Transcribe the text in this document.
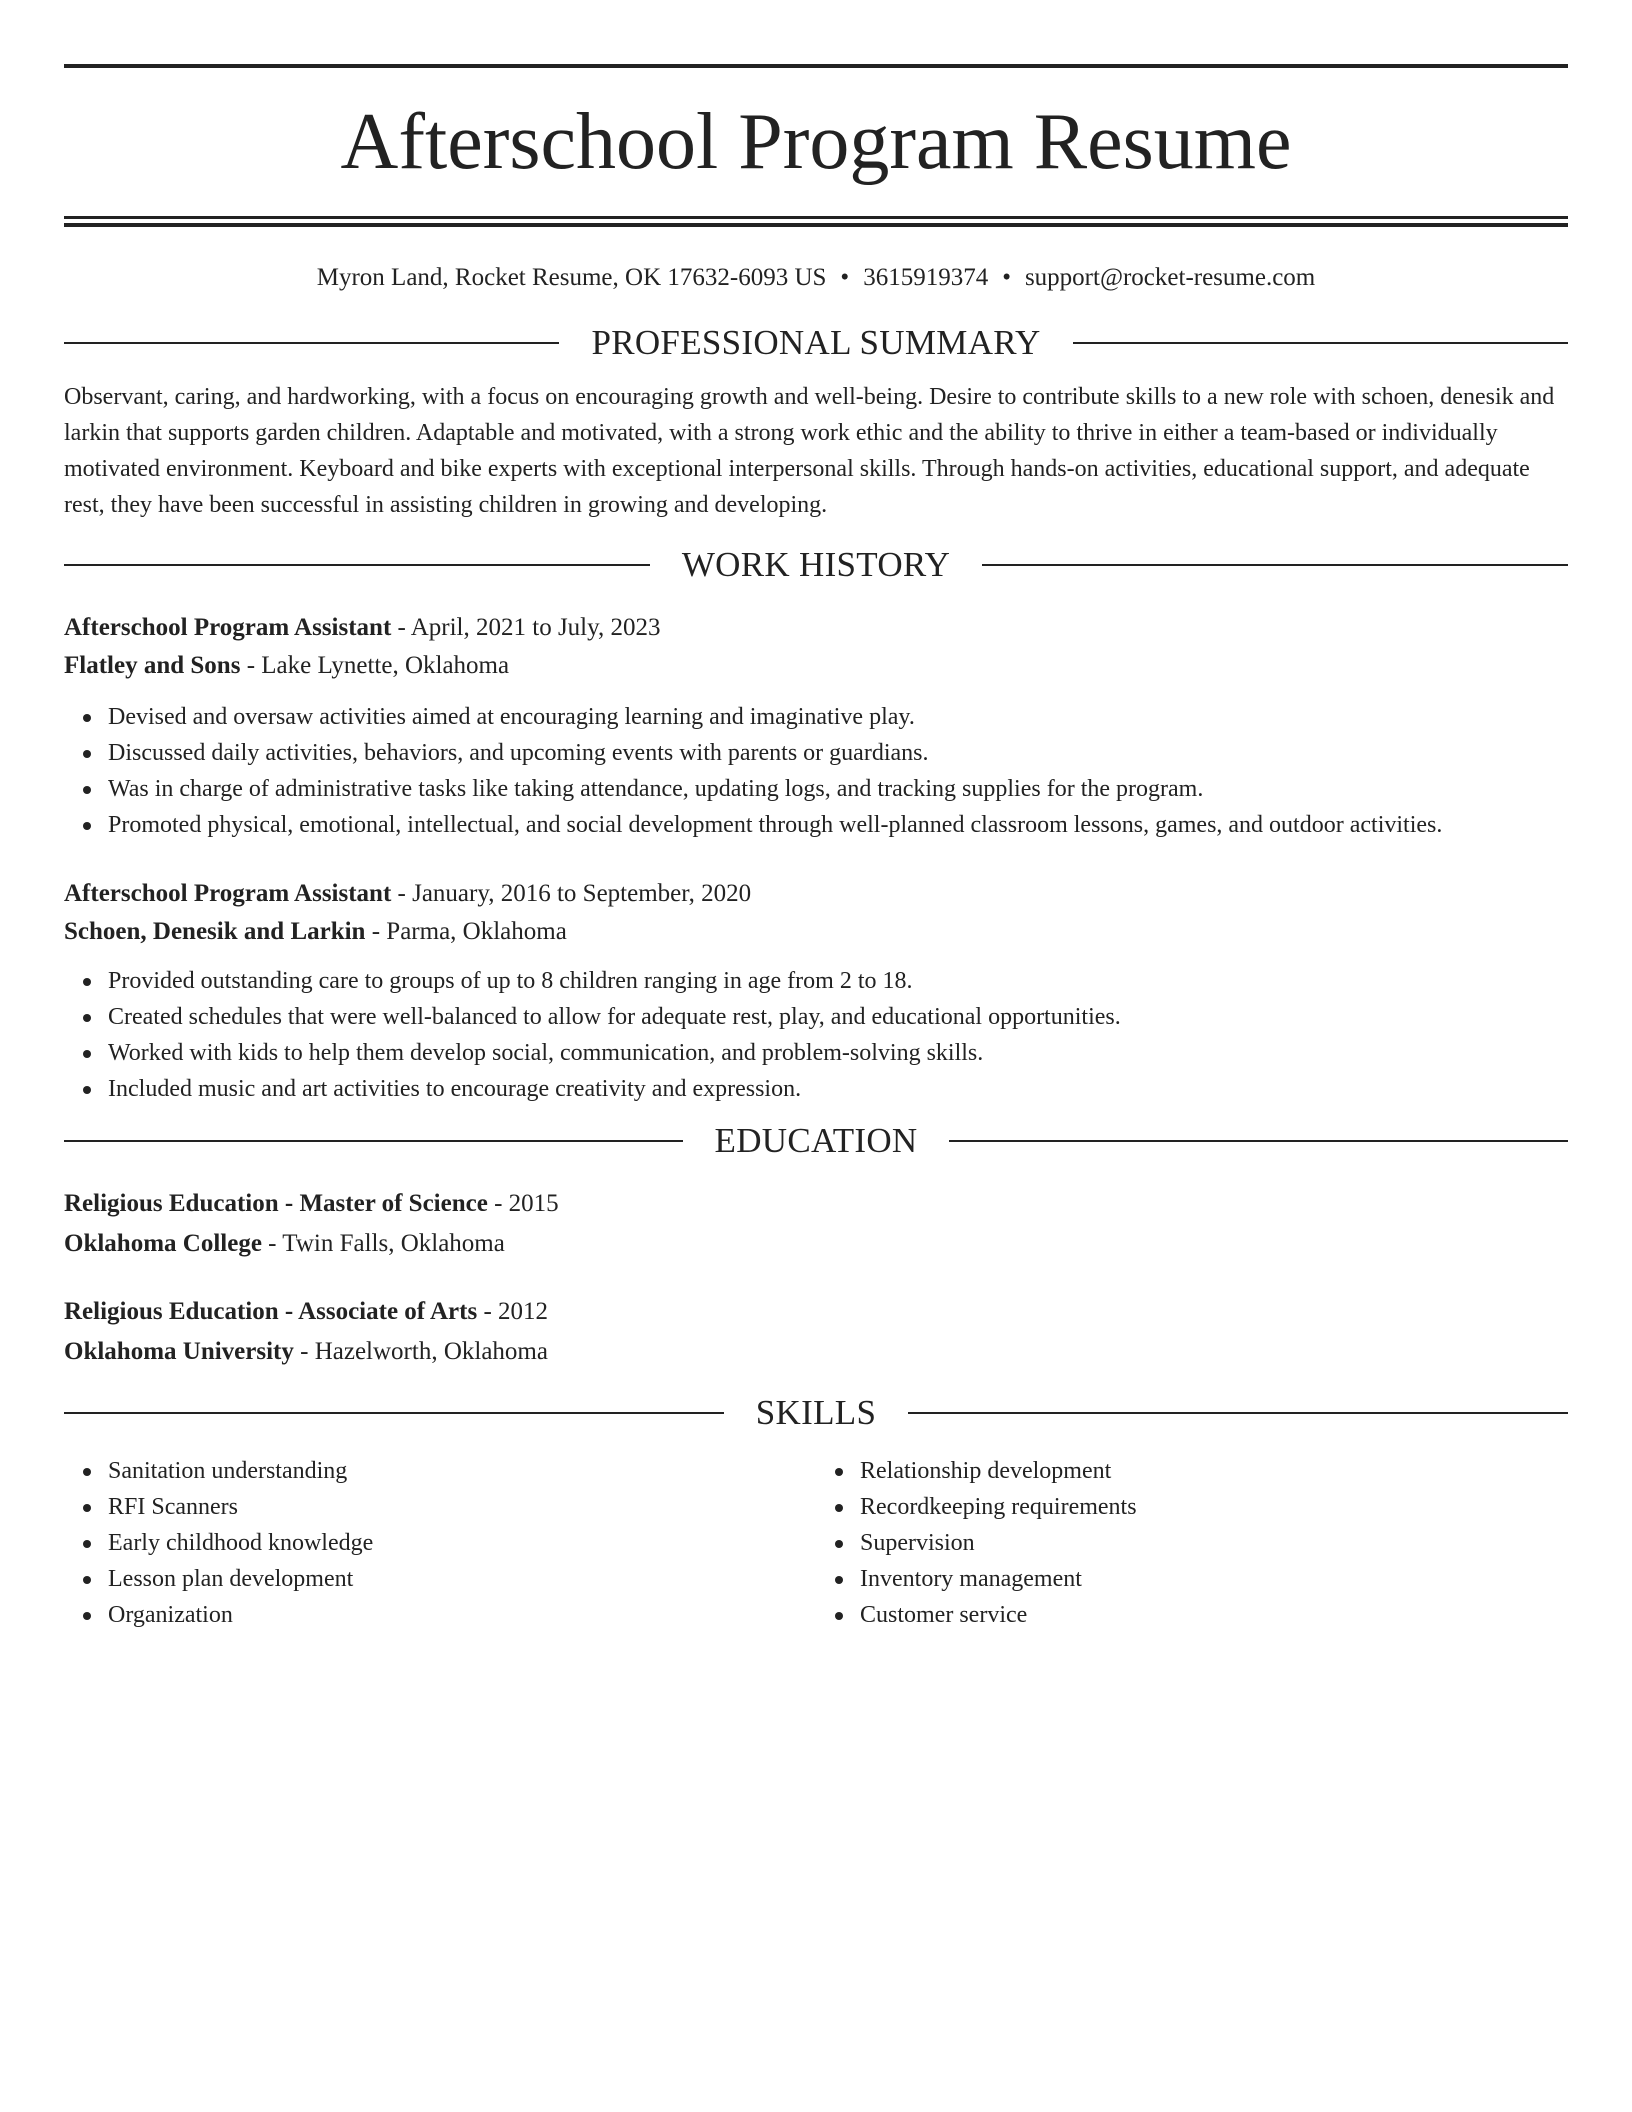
Afterschool Program Resume
Myron Land, Rocket Resume, OK 17632-6093 US • 3615919374 • support@rocket-resume.com
PROFESSIONAL SUMMARY
Observant, caring, and hardworking, with a focus on encouraging growth and well-being. Desire to contribute skills to a new role with schoen, denesik and larkin that supports garden children. Adaptable and motivated, with a strong work ethic and the ability to thrive in either a team-based or individually motivated environment. Keyboard and bike experts with exceptional interpersonal skills. Through hands-on activities, educational support, and adequate rest, they have been successful in assisting children in growing and developing.
WORK HISTORY
Afterschool Program Assistant - April, 2021 to July, 2023
Flatley and Sons - Lake Lynette, Oklahoma
Devised and oversaw activities aimed at encouraging learning and imaginative play.
Discussed daily activities, behaviors, and upcoming events with parents or guardians.
Was in charge of administrative tasks like taking attendance, updating logs, and tracking supplies for the program.
Promoted physical, emotional, intellectual, and social development through well-planned classroom lessons, games, and outdoor activities.
Afterschool Program Assistant - January, 2016 to September, 2020
Schoen, Denesik and Larkin - Parma, Oklahoma
Provided outstanding care to groups of up to 8 children ranging in age from 2 to 18.
Created schedules that were well-balanced to allow for adequate rest, play, and educational opportunities.
Worked with kids to help them develop social, communication, and problem-solving skills.
Included music and art activities to encourage creativity and expression.
EDUCATION
Religious Education - Master of Science - 2015
Oklahoma College - Twin Falls, Oklahoma
Religious Education - Associate of Arts - 2012
Oklahoma University - Hazelworth, Oklahoma
SKILLS
Sanitation understanding
RFI Scanners
Early childhood knowledge
Lesson plan development
Organization
Relationship development
Recordkeeping requirements
Supervision
Inventory management
Customer service
